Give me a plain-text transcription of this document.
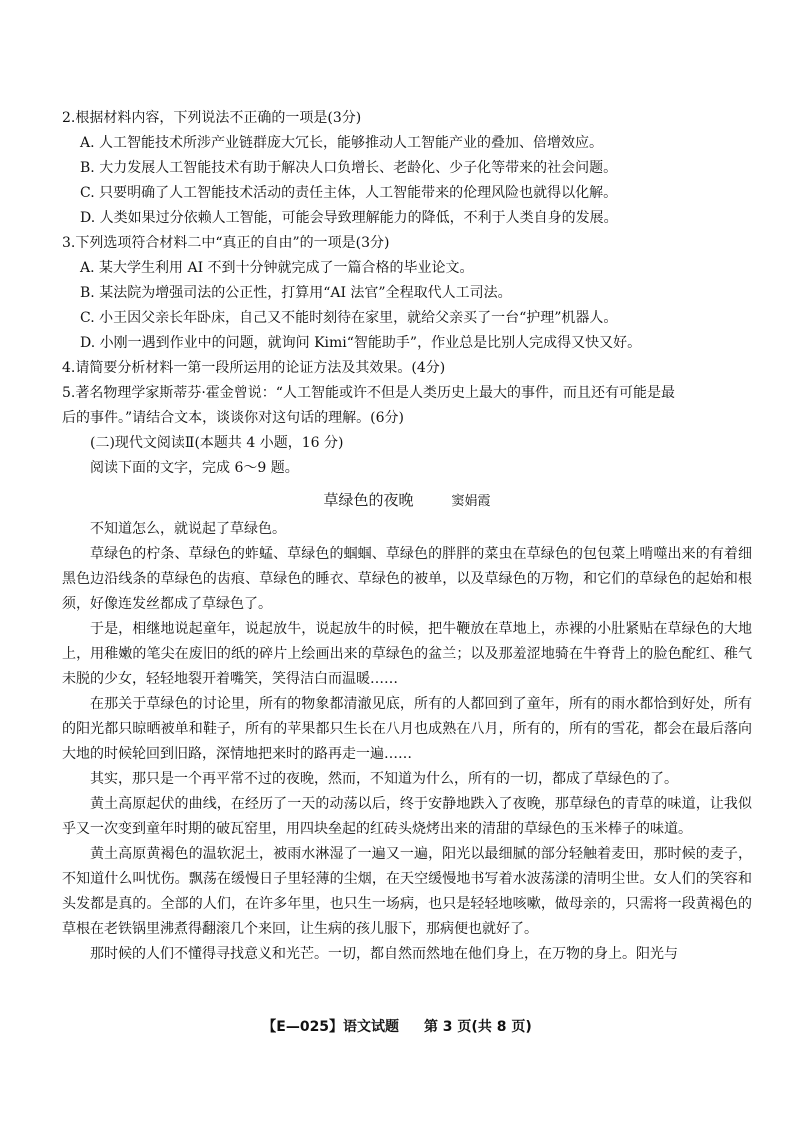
2.根据材料内容，下列说法不正确的一项是(3分)

A. 人工智能技术所涉产业链群庞大冗长，能够推动人工智能产业的叠加、倍增效应。

B. 大力发展人工智能技术有助于解决人口负增长、老龄化、少子化等带来的社会问题。

C. 只要明确了人工智能技术活动的责任主体，人工智能带来的伦理风险也就得以化解。

D. 人类如果过分依赖人工智能，可能会导致理解能力的降低，不利于人类自身的发展。

3.下列选项符合材料二中“真正的自由”的一项是(3分)

A. 某大学生利用 AI 不到十分钟就完成了一篇合格的毕业论文。

B. 某法院为增强司法的公正性，打算用“AI 法官”全程取代人工司法。

C. 小王因父亲长年卧床，自己又不能时刻待在家里，就给父亲买了一台“护理”机器人。

D. 小刚一遇到作业中的问题，就询问 Kimi“智能助手”，作业总是比别人完成得又快又好。

4.请简要分析材料一第一段所运用的论证方法及其效果。(4分)

5.著名物理学家斯蒂芬·霍金曾说：“人工智能或许不但是人类历史上最大的事件，而且还有可能是最

后的事件。”请结合文本，谈谈你对这句话的理解。(6分)

(二)现代文阅读Ⅱ(本题共 4 小题，16 分)

阅读下面的文字，完成 6～9 题。

草绿色的夜晚	窦娟霞

不知道怎么，就说起了草绿色。

草绿色的柠条、草绿色的蚱蜢、草绿色的蝈蝈、草绿色的胖胖的菜虫在草绿色的包包菜上啃噬出来的有着细黑色边沿线条的草绿色的齿痕、草绿色的睡衣、草绿色的被单，以及草绿色的万物，和它们的草绿色的起始和根须，好像连发丝都成了草绿色了。

于是，相继地说起童年，说起放牛，说起放牛的时候，把牛鞭放在草地上，赤裸的小肚紧贴在草绿色的大地上，用稚嫩的笔尖在废旧的纸的碎片上绘画出来的草绿色的盆兰；以及那羞涩地骑在牛脊背上的脸色酡红、稚气未脱的少女，轻轻地裂开着嘴笑，笑得洁白而温暖……

在那关于草绿色的讨论里，所有的物象都清澈见底，所有的人都回到了童年，所有的雨水都恰到好处，所有的阳光都只晾晒被单和鞋子，所有的苹果都只生长在八月也成熟在八月，所有的，所有的雪花，都会在最后落向大地的时候轮回到旧路，深情地把来时的路再走一遍……

其实，那只是一个再平常不过的夜晚，然而，不知道为什么，所有的一切，都成了草绿色的了。

黄土高原起伏的曲线，在经历了一天的动荡以后，终于安静地跌入了夜晚，那草绿色的青草的味道，让我似乎又一次变到童年时期的破瓦窑里，用四块垒起的红砖头烧烤出来的清甜的草绿色的玉米棒子的味道。

黄土高原黄褐色的温软泥土，被雨水淋湿了一遍又一遍，阳光以最细腻的部分轻触着麦田，那时候的麦子，不知道什么叫忧伤。飘荡在缓慢日子里轻薄的尘烟，在天空缓慢地书写着水波荡漾的清明尘世。女人们的笑容和头发都是真的。全部的人们，在许多年里，也只生一场病，也只是轻轻地咳嗽，做母亲的，只需将一段黄褐色的草根在老铁锅里沸煮得翻滚几个来回，让生病的孩儿服下，那病便也就好了。

那时候的人们不懂得寻找意义和光芒。一切，都自然而然地在他们身上，在万物的身上。阳光与

【E—025】语文试题 第 3 页(共 8 页)
